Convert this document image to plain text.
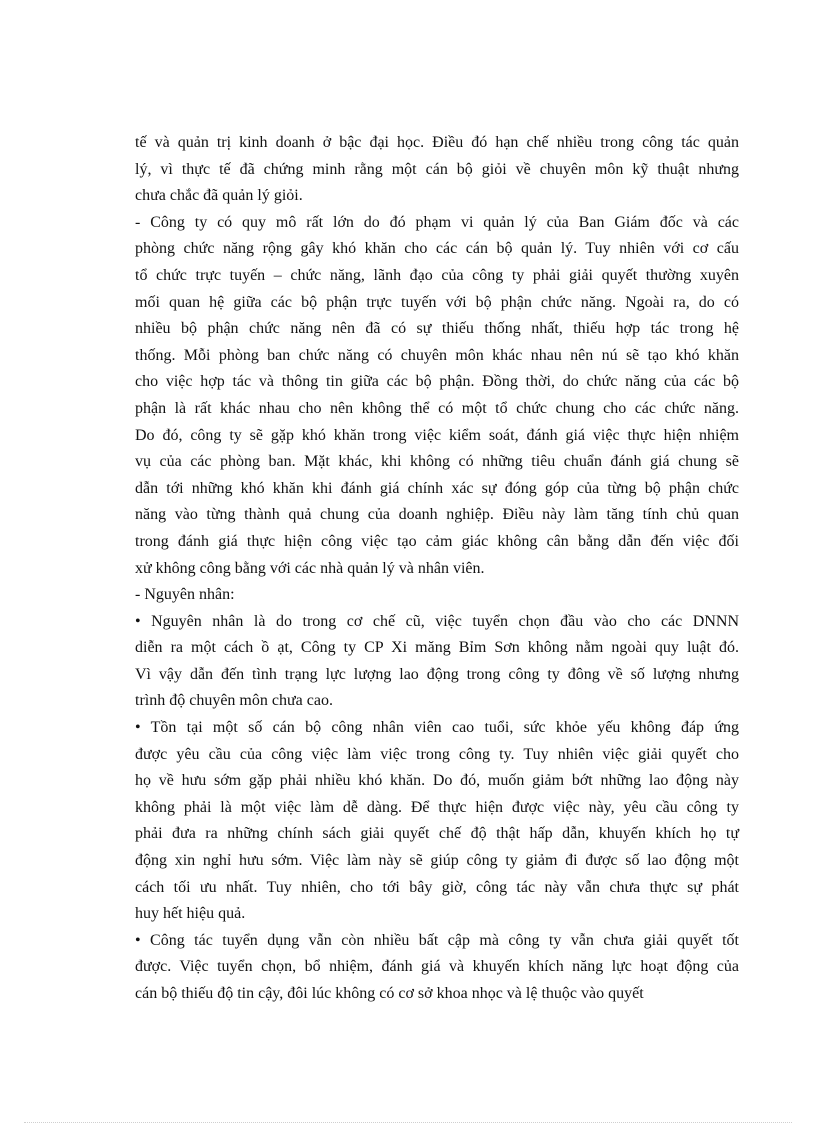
tế và quản trị kinh doanh ở bậc đại học. Điều đó hạn chế nhiều trong công tác quản
lý, vì thực tế đã chứng minh rằng một cán bộ giỏi về chuyên môn kỹ thuật nhưng
chưa chắc đã quản lý giỏi.
- Công ty có quy mô rất lớn do đó phạm vi quản lý của Ban Giám đốc và các
phòng chức năng rộng gây khó khăn cho các cán bộ quản lý. Tuy nhiên với cơ cấu
tổ chức trực tuyến – chức năng, lãnh đạo của công ty phải giải quyết thường xuyên
mối quan hệ giữa các bộ phận trực tuyến với bộ phận chức năng. Ngoài ra, do có
nhiều bộ phận chức năng nên đã có sự thiếu thống nhất, thiếu hợp tác trong hệ
thống. Mỗi phòng ban chức năng có chuyên môn khác nhau nên nú sẽ tạo khó khăn
cho việc hợp tác và thông tin giữa các bộ phận. Đồng thời, do chức năng của các bộ
phận là rất khác nhau cho nên không thể có một tổ chức chung cho các chức năng.
Do đó, công ty sẽ gặp khó khăn trong việc kiểm soát, đánh giá việc thực hiện nhiệm
vụ của các phòng ban. Mặt khác, khi không có những tiêu chuẩn đánh giá chung sẽ
dẫn tới những khó khăn khi đánh giá chính xác sự đóng góp của từng bộ phận chức
năng vào từng thành quả chung của doanh nghiệp. Điều này làm tăng tính chủ quan
trong đánh giá thực hiện công việc tạo cảm giác không cân bằng dẫn đến việc đối
xử không công bằng với các nhà quản lý và nhân viên.
- Nguyên nhân:
• Nguyên nhân là do trong cơ chế cũ, việc tuyển chọn đầu vào cho các DNNN
diễn ra một cách ồ ạt, Công ty CP Xi măng Bỉm Sơn không nằm ngoài quy luật đó.
Vì vậy dẫn đến tình trạng lực lượng lao động trong công ty đông về số lượng nhưng
trình độ chuyên môn chưa cao.
• Tồn tại một số cán bộ công nhân viên cao tuổi, sức khỏe yếu không đáp ứng
được yêu cầu của công việc làm việc trong công ty. Tuy nhiên việc giải quyết cho
họ về hưu sớm gặp phải nhiều khó khăn. Do đó, muốn giảm bớt những lao động này
không phải là một việc làm dễ dàng. Để thực hiện được việc này, yêu cầu công ty
phải đưa ra những chính sách giải quyết chế độ thật hấp dẫn, khuyến khích họ tự
động xin nghỉ hưu sớm. Việc làm này sẽ giúp công ty giảm đi được số lao động một
cách tối ưu nhất. Tuy nhiên, cho tới bây giờ, công tác này vẫn chưa thực sự phát
huy hết hiệu quả.
• Công tác tuyển dụng vẫn còn nhiều bất cập mà công ty vẫn chưa giải quyết tốt
được. Việc tuyển chọn, bổ nhiệm, đánh giá và khuyến khích năng lực hoạt động của
cán bộ thiếu độ tin cậy, đôi lúc không có cơ sở khoa nhọc và lệ thuộc vào quyết
